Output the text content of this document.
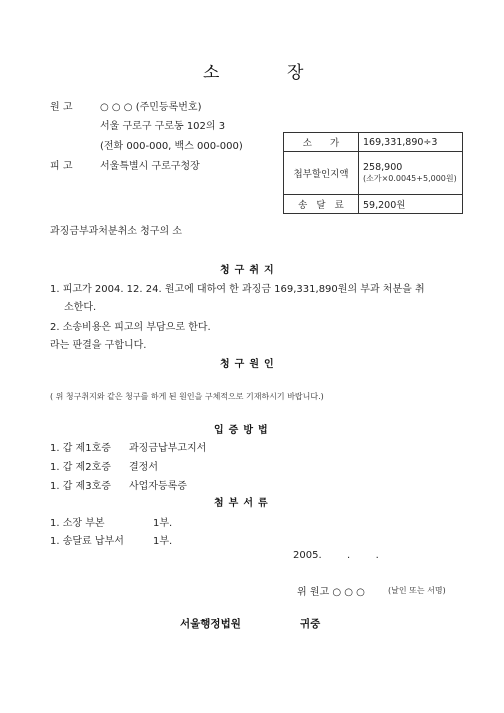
소	장
원 고	○ ○ ○ (주민등록번호)
서울 구로구 구로동 102의 3
(전화 000-000, 백스 000-000)
피 고	서울특별시 구로구청장
소      가	169,331,890÷3
첩부할인지액	258,900
(소가×0.0045+5,000원)

송   달   료	59,200원
과징금부과처분취소 청구의 소
청구취지
1. 피고가 2004. 12. 24. 원고에 대하여 한 과징금 169,331,890원의 부과 처분을 취
소한다.
2. 소송비용은 피고의 부담으로 한다.
라는 판결을 구합니다.
청구원인
( 위 청구취지와 같은 청구를 하게 된 원인을 구체적으로 기재하시기 바랍니다.)
입증방법
1. 갑 제1호증 과징금납부고지서
1. 갑 제2호증 결정서
1. 갑 제3호증 사업자등록증
첨부서류
1. 소장 부본	1부.
1. 송달료 납부서	1부.
2005.        .        .
위 원고 ○ ○ ○	(날인 또는 서명)
서울행정법원	귀중
